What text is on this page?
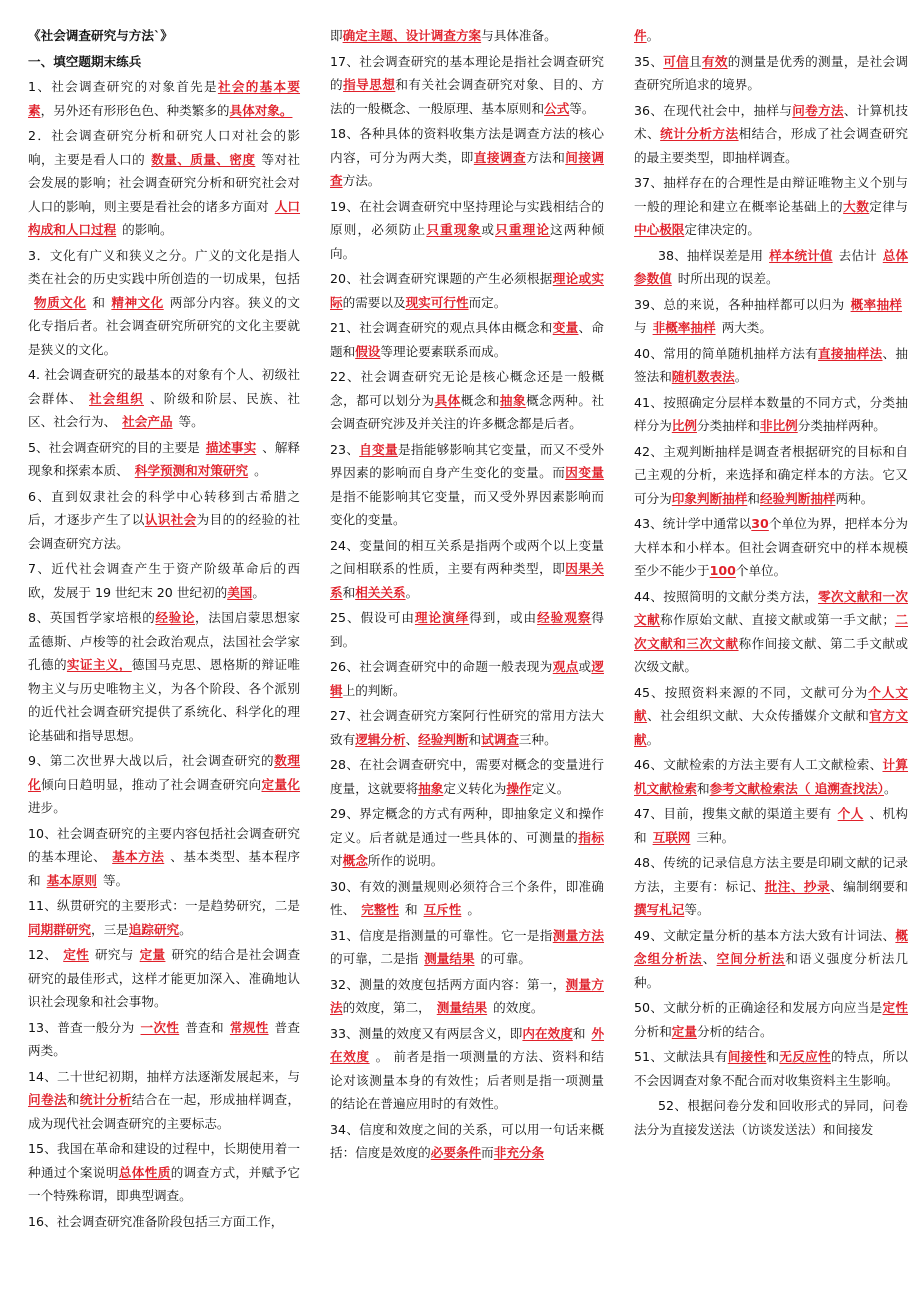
《社会调查研究与方法`》

一、填空题期末练兵

1、社会调查研究的对象首先是社会的基本要素，另外还有形形色色、种类繁多的具体对象。

2．社会调查研究分析和研究人口对社会的影响，主要是看人口的 数量、质量、密度 等对社会发展的影响；社会调查研究分析和研究社会对人口的影响，则主要是看社会的诸多方面对 人口构成和人口过程 的影响。

3．文化有广义和狭义之分。广义的文化是指人类在社会的历史实践中所创造的一切成果，包括物质文化 和 精神文化 两部分内容。狭义的文化专指后者。社会调查研究所研究的文化主要就是狭义的文化。

4. 社会调查研究的最基本的对象有个人、初级社会群体、 社会组织 、阶级和阶层、民族、社区、社会行为、 社会产品 等。

5、社会调查研究的目的主要是 描述事实 、解释现象和探索本质、 科学预测和对策研究 。

6、直到奴隶社会的科学中心转移到古希腊之后，才逐步产生了以认识社会为目的的经验的社会调查研究方法。

7、近代社会调查产生于资产阶级革命后的西欧，发展于 19 世纪末 20 世纪初的美国。

8、英国哲学家培根的经验论，法国启蒙思想家孟德斯、卢梭等的社会政治观点，法国社会学家孔德的实证主义，德国马克思、恩格斯的辩证唯物主义与历史唯物主义，为各个阶段、各个派别的近代社会调查研究提供了系统化、科学化的理论基础和指导思想。

9、第二次世界大战以后，社会调查研究的数理化倾向日趋明显，推动了社会调查研究向定量化进步。

10、社会调查研究的主要内容包括社会调查研究的基本理论、 基本方法 、基本类型、基本程序和 基本原则 等。

11、纵贯研究的主要形式：一是趋势研究，二是同期群研究，三是追踪研究。

12、 定性 研究与 定量 研究的结合是社会调查研究的最佳形式，这样才能更加深入、准确地认识社会现象和社会事物。

13、普查一般分为 一次性 普查和 常规性 普查两类。

14、二十世纪初期，抽样方法逐渐发展起来，与问卷法和统计分析结合在一起，形成抽样调查，成为现代社会调查研究的主要标志。

15、我国在革命和建设的过程中，长期使用着一种通过个案说明总体性质的调查方式，并赋予它一个特殊称谓，即典型调查。

16、社会调查研究准备阶段包括三方面工作，

即确定主题、设计调查方案与具体准备。

17、社会调查研究的基本理论是指社会调查研究的指导思想和有关社会调查研究对象、目的、方法的一般概念、一般原理、基本原则和公式等。

18、各种具体的资料收集方法是调查方法的核心内容，可分为两大类，即直接调查方法和间接调查方法。

19、在社会调查研究中坚持理论与实践相结合的原则，必须防止只重现象或只重理论这两种倾向。

20、社会调查研究课题的产生必须根据理论或实际的需要以及现实可行性而定。

21、社会调查研究的观点具体由概念和变量、命题和假设等理论要素联系而成。

22、社会调查研究无论是核心概念还是一般概念，都可以划分为具体概念和抽象概念两种。社会调查研究涉及并关注的许多概念都是后者。

23、自变量是指能够影响其它变量，而又不受外界因素的影响而自身产生变化的变量。而因变量是指不能影响其它变量，而又受外界因素影响而变化的变量。

24、变量间的相互关系是指两个或两个以上变量之间相联系的性质，主要有两种类型，即因果关系和相关关系。

25、假设可由理论演绎得到，或由经验观察得到。

26、社会调查研究中的命题一般表现为观点或逻辑上的判断。

27、社会调查研究方案阿行性研究的常用方法大致有逻辑分析、经验判断和试调查三种。

28、在社会调查研究中，需要对概念的变量进行度量，这就要将抽象定义转化为操作定义。

29、界定概念的方式有两种，即抽象定义和操作定义。后者就是通过一些具体的、可测量的指标对概念所作的说明。

30、有效的测量规则必须符合三个条件，即准确性、 完整性 和 互斥性 。

31、信度是指测量的可靠性。它一是指测量方法的可靠，二是指 测量结果 的可靠。

32、测量的效度包括两方面内容：第一，测量方法的效度，第二， 测量结果 的效度。

33、测量的效度又有两层含义，即内在效度和 外在效度 。 前者是指一项测量的方法、资料和结论对该测量本身的有效性；后者则是指一项测量的结论在普遍应用时的有效性。

34、信度和效度之间的关系，可以用一句话来概括：信度是效度的必要条件而非充分条

件。

35、可信且有效的测量是优秀的测量，是社会调查研究所追求的境界。

36、在现代社会中，抽样与问卷方法、计算机技术、统计分析方法相结合，形成了社会调查研究的最主要类型，即抽样调查。

37、抽样存在的合理性是由辩证唯物主义个别与一般的理论和建立在概率论基础上的大数定律与中心极限定律决定的。

38、抽样误差是用 样本统计值 去估计 总体参数值 时所出现的误差。

39、总的来说，各种抽样都可以归为 概率抽样与 非概率抽样 两大类。

40、常用的简单随机抽样方法有直接抽样法、抽签法和随机数表法。

41、按照确定分层样本数量的不同方式，分类抽样分为比例分类抽样和非比例分类抽样两种。

42、主观判断抽样是调查者根据研究的目标和自己主观的分析，来选择和确定样本的方法。它又可分为印象判断抽样和经验判断抽样两种。

43、统计学中通常以30个单位为界，把样本分为大样本和小样本。但社会调查研究中的样本规模至少不能少于100个单位。

44、按照简明的文献分类方法，零次文献和一次文献称作原始文献、直接文献或第一手文献；二次文献和三次文献称作间接文献、第二手文献或次级文献。

45、按照资料来源的不同，文献可分为个人文献、社会组织文献、大众传播媒介文献和官方文献。

46、文献检索的方法主要有人工文献检索、计算机文献检索和参考文献检索法（ 追溯查找法）。

47、目前，搜集文献的渠道主要有 个人 、机构和 互联网 三种。

48、传统的记录信息方法主要是印刷文献的记录方法，主要有：标记、批注、抄录、编制纲要和撰写札记等。

49、文献定量分析的基本方法大致有计词法、概念组分析法、空间分析法和语义强度分析法几种。

50、文献分析的正确途径和发展方向应当是定性分析和定量分析的结合。

51、文献法具有间接性和无反应性的特点，所以不会因调查对象不配合而对收集资料主生影响。

52、根据问卷分发和回收形式的异同，问卷法分为直接发送法（访谈发送法）和间接发
